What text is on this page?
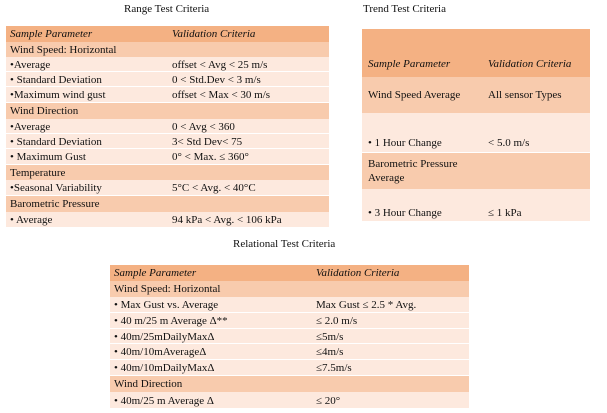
Range Test Criteria	Trend Test Criteria
Relational Test Criteria
Sample Parameter	Validation Criteria
Wind Speed: Horizontal
•Average	offset < Avg < 25 m/s
• Standard Deviation	0 < Std.Dev < 3 m/s
•Maximum wind gust	offset < Max < 30 m/s
Wind Direction
•Average	0 < Avg < 360
• Standard Deviation	3< Std Dev< 75
• Maximum Gust	0° < Max. ≤ 360°
Temperature
•Seasonal Variability	5°C < Avg. < 40°C
Barometric Pressure
• Average	94 kPa < Avg. < 106 kPa
Sample Parameter	Validation Criteria
Wind Speed Average	All sensor Types
• 1 Hour Change	< 5.0 m/s
Barometric Pressure Average
• 3 Hour Change	≤ 1 kPa
Sample Parameter	Validation Criteria
Wind Speed: Horizontal
• Max Gust vs. Average	Max Gust ≤ 2.5 * Avg.
• 40 m/25 m Average Δ**	≤ 2.0 m/s
• 40m/25mDailyMaxΔ	≤5m/s
• 40m/10mAverageΔ	≤4m/s
• 40m/10mDailyMaxΔ	≤7.5m/s
Wind Direction
• 40m/25 m Average Δ	≤ 20°
